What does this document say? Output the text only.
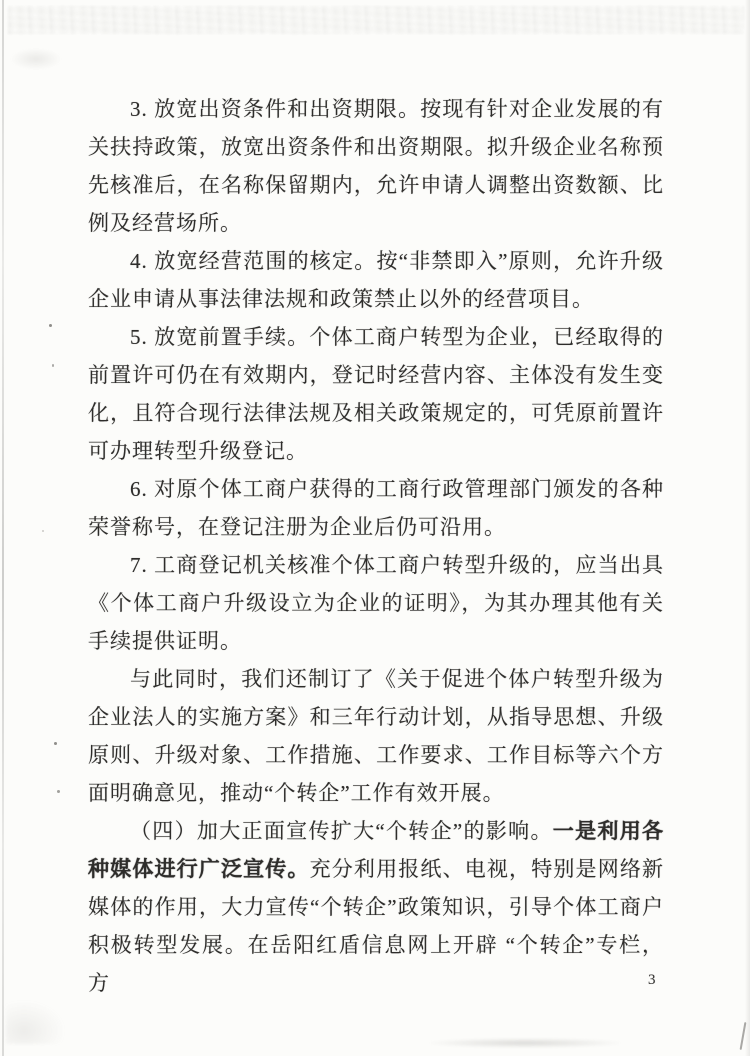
3. 放宽出资条件和出资期限。按现有针对企业发展的有关扶持政策，放宽出资条件和出资期限。拟升级企业名称预先核准后，在名称保留期内，允许申请人调整出资数额、比例及经营场所。

4. 放宽经营范围的核定。按“非禁即入”原则，允许升级企业申请从事法律法规和政策禁止以外的经营项目。

5. 放宽前置手续。个体工商户转型为企业，已经取得的前置许可仍在有效期内，登记时经营内容、主体没有发生变化，且符合现行法律法规及相关政策规定的，可凭原前置许可办理转型升级登记。

6. 对原个体工商户获得的工商行政管理部门颁发的各种荣誉称号，在登记注册为企业后仍可沿用。

7. 工商登记机关核准个体工商户转型升级的，应当出具《个体工商户升级设立为企业的证明》，为其办理其他有关手续提供证明。

与此同时，我们还制订了《关于促进个体户转型升级为企业法人的实施方案》和三年行动计划，从指导思想、升级原则、升级对象、工作措施、工作要求、工作目标等六个方面明确意见，推动“个转企”工作有效开展。

（四）加大正面宣传扩大“个转企”的影响。一是利用各种媒体进行广泛宣传。充分利用报纸、电视，特别是网络新媒体的作用，大力宣传“个转企”政策知识，引导个体工商户积极转型发展。在岳阳红盾信息网上开辟 “个转企”专栏，方	3
